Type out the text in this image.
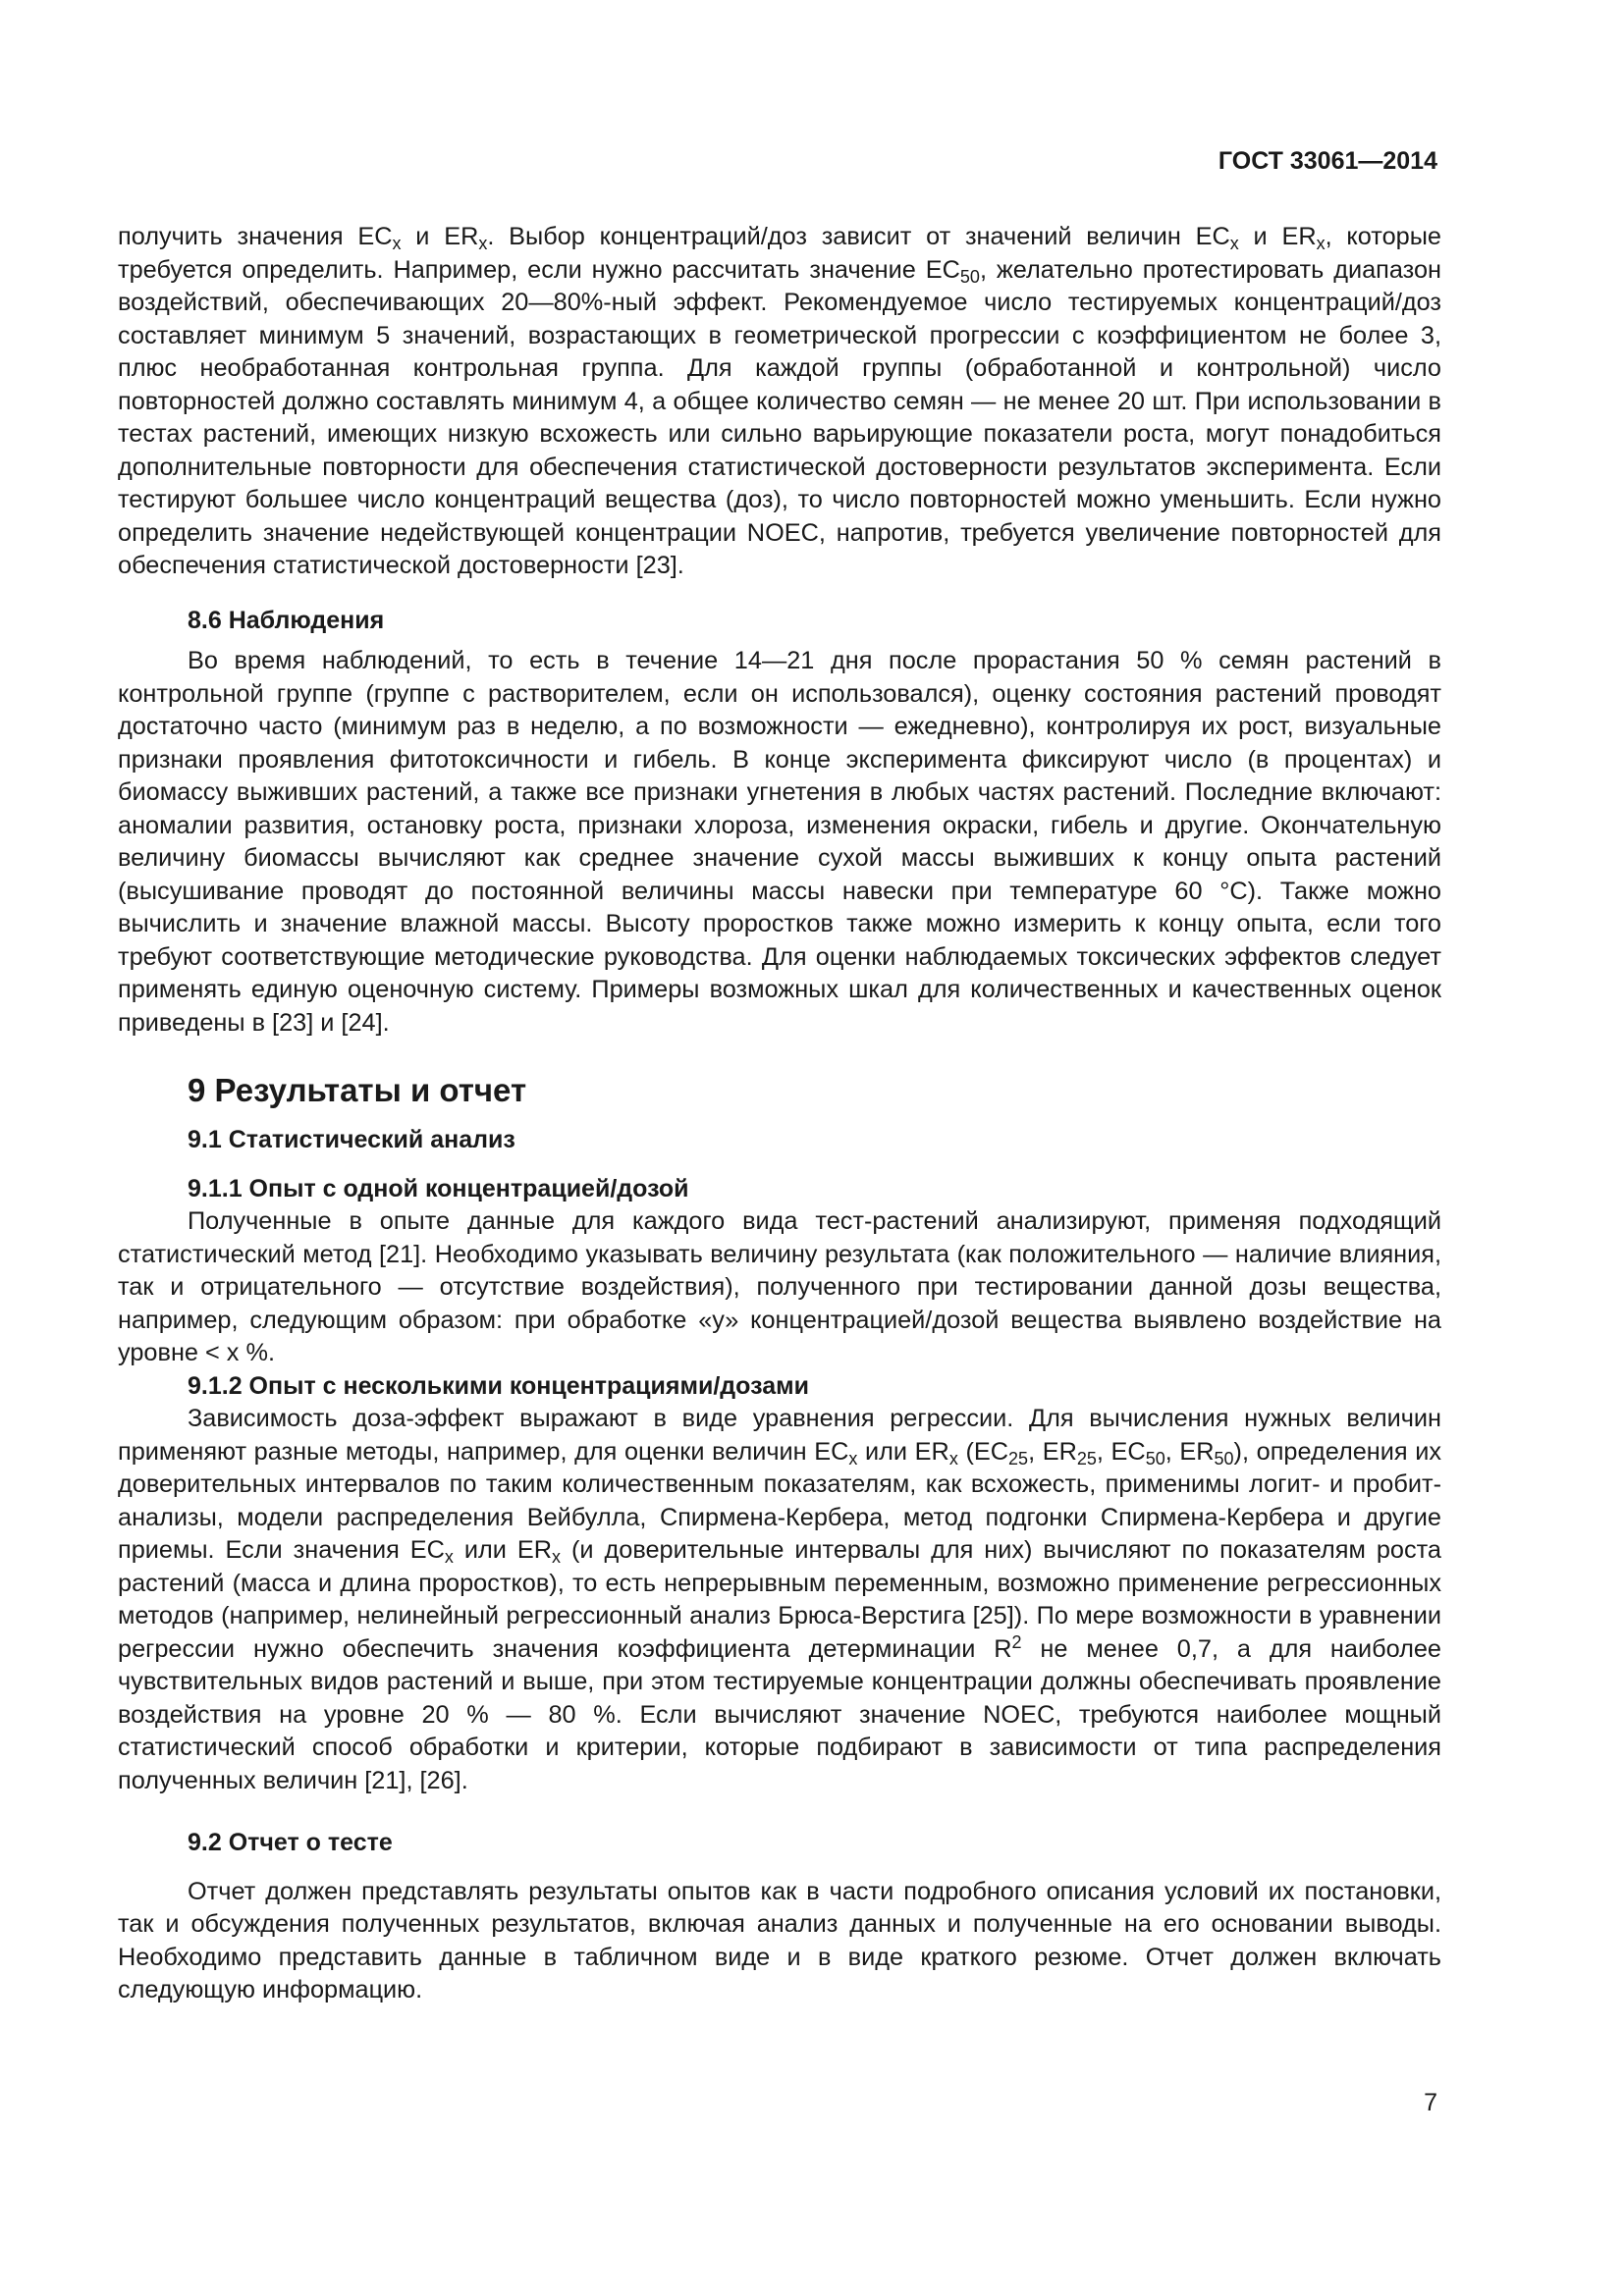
ГОСТ 33061—2014

получить значения $EC_x$ и $ER_x$. Выбор концентраций/доз зависит от значений величин $EC_x$ и $ER_x$, которые требуется определить. Например, если нужно рассчитать значение $EC_{50}$, желательно протестировать диапазон воздействий, обеспечивающих 20—80%-ный эффект. Рекомендуемое число тестируемых концентраций/доз составляет минимум 5 значений, возрастающих в геометрической прогрессии с коэффициентом не более 3, плюс необработанная контрольная группа. Для каждой группы (обработанной и контрольной) число повторностей должно составлять минимум 4, а общее количество семян — не менее 20 шт. При использовании в тестах растений, имеющих низкую всхожесть или сильно варьирующие показатели роста, могут понадобиться дополнительные повторности для обеспечения статистической достоверности результатов эксперимента. Если тестируют большее число концентраций вещества (доз), то число повторностей можно уменьшить. Если нужно определить значение недействующей концентрации NOEC, напротив, требуется увеличение повторностей для обеспечения статистической достоверности [23].

8.6 Наблюдения

Во время наблюдений, то есть в течение 14—21 дня после прорастания 50 % семян растений в контрольной группе (группе с растворителем, если он использовался), оценку состояния растений проводят достаточно часто (минимум раз в неделю, а по возможности — ежедневно), контролируя их рост, визуальные признаки проявления фитотоксичности и гибель. В конце эксперимента фиксируют число (в процентах) и биомассу выживших растений, а также все признаки угнетения в любых частях растений. Последние включают: аномалии развития, остановку роста, признаки хлороза, изменения окраски, гибель и другие. Окончательную величину биомассы вычисляют как среднее значение сухой массы выживших к концу опыта растений (высушивание проводят до постоянной величины массы навески при температуре 60 °C). Также можно вычислить и значение влажной массы. Высоту проростков также можно измерить к концу опыта, если того требуют соответствующие методические руководства. Для оценки наблюдаемых токсических эффектов следует применять единую оценочную систему. Примеры возможных шкал для количественных и качественных оценок приведены в [23] и [24].

9 Результаты и отчет
9.1 Статистический анализ
9.1.1 Опыт с одной концентрацией/дозой

Полученные в опыте данные для каждого вида тест-растений анализируют, применяя подходящий статистический метод [21]. Необходимо указывать величину результата (как положительного — наличие влияния, так и отрицательного — отсутствие воздействия), полученного при тестировании данной дозы вещества, например, следующим образом: при обработке «у» концентрацией/дозой вещества выявлено воздействие на уровне < х %.

9.1.2 Опыт с несколькими концентрациями/дозами

Зависимость доза-эффект выражают в виде уравнения регрессии. Для вычисления нужных величин применяют разные методы, например, для оценки величин $EC_x$ или $ER_x$ ($EC_{25}$, $ER_{25}$, $EC_{50}$, $ER_{50}$), определения их доверительных интервалов по таким количественным показателям, как всхожесть, применимы логит- и пробит-анализы, модели распределения Вейбулла, Спирмена-Кербера, метод подгонки Спирмена-Кербера и другие приемы. Если значения $EC_x$ или $ER_x$ (и доверительные интервалы для них) вычисляют по показателям роста растений (масса и длина проростков), то есть непрерывным переменным, возможно применение регрессионных методов (например, нелинейный регрессионный анализ Брюса-Верстига [25]). По мере возможности в уравнении регрессии нужно обеспечить значения коэффициента детерминации $R^2$ не менее 0,7, а для наиболее чувствительных видов растений и выше, при этом тестируемые концентрации должны обеспечивать проявление воздействия на уровне 20 % — 80 %. Если вычисляют значение NOEC, требуются наиболее мощный статистический способ обработки и критерии, которые подбирают в зависимости от типа распределения полученных величин [21], [26].

9.2 Отчет о тесте

Отчет должен представлять результаты опытов как в части подробного описания условий их постановки, так и обсуждения полученных результатов, включая анализ данных и полученные на его основании выводы. Необходимо представить данные в табличном виде и в виде краткого резюме. Отчет должен включать следующую информацию.

7
